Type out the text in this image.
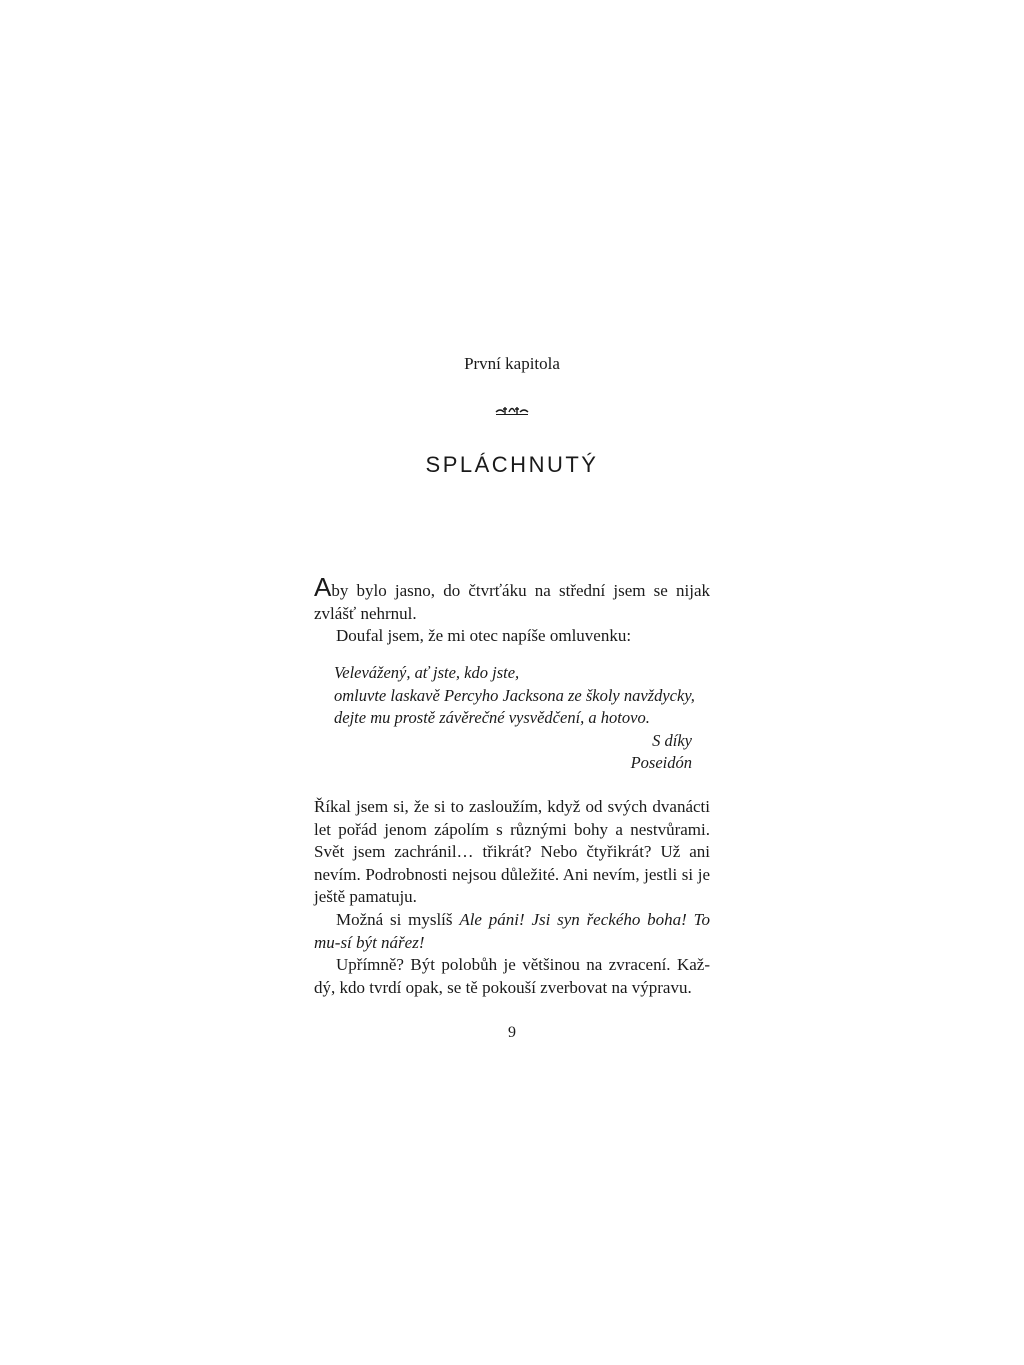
První kapitola
SPLÁCHNUTÝ

Aby bylo jasno, do čtvrťáku na střední jsem se nijak zvlášť nehrnul.

Doufal jsem, že mi otec napíše omluvenku:

Velevážený, ať jste, kdo jste,
omluvte laskavě Percyho Jacksona ze školy navždycky,
dejte mu prostě závěrečné vysvědčení, a hotovo.
S díky
Poseidón

Říkal jsem si, že si to zasloužím, když od svých dvanácti let pořád jenom zápolím s různými bohy a nestvůrami. Svět jsem zachránil… třikrát? Nebo čtyřikrát? Už ani nevím. Podrobnosti nejsou důležité. Ani nevím, jestli si je ještě pamatuju.

Možná si myslíš Ale páni! Jsi syn řeckého boha! To mu-sí být nářez!

Upřímně? Být polobůh je většinou na zvracení. Kaž-dý, kdo tvrdí opak, se tě pokouší zverbovat na výpravu.

9
